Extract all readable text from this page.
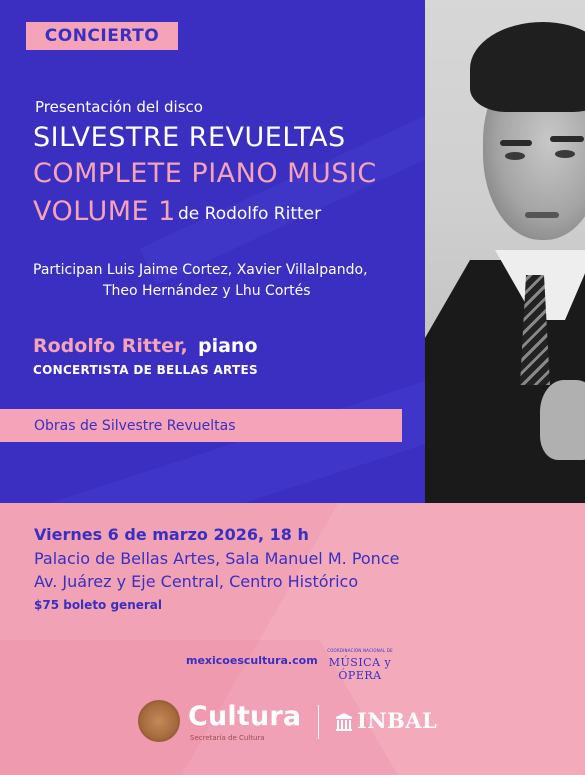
CONCIERTO
Presentación del disco
SILVESTRE REVUELTAS
COMPLETE PIANO MUSIC
VOLUME 1 de Rodolfo Ritter
Participan Luis Jaime Cortez, Xavier Villalpando,
Theo Hernández y Lhu Cortés
Rodolfo Ritter, piano
CONCERTISTA DE BELLAS ARTES
Obras de Silvestre Revueltas
Viernes 6 de marzo 2026, 18 h
Palacio de Bellas Artes, Sala Manuel M. Ponce
Av. Juárez y Eje Central, Centro Histórico
$75 boleto general
mexicoescultura.com
COORDINACIÓN NACIONAL DE
MÚSICA y ÓPERA
Cultura
Secretaría de Cultura
INBAL
